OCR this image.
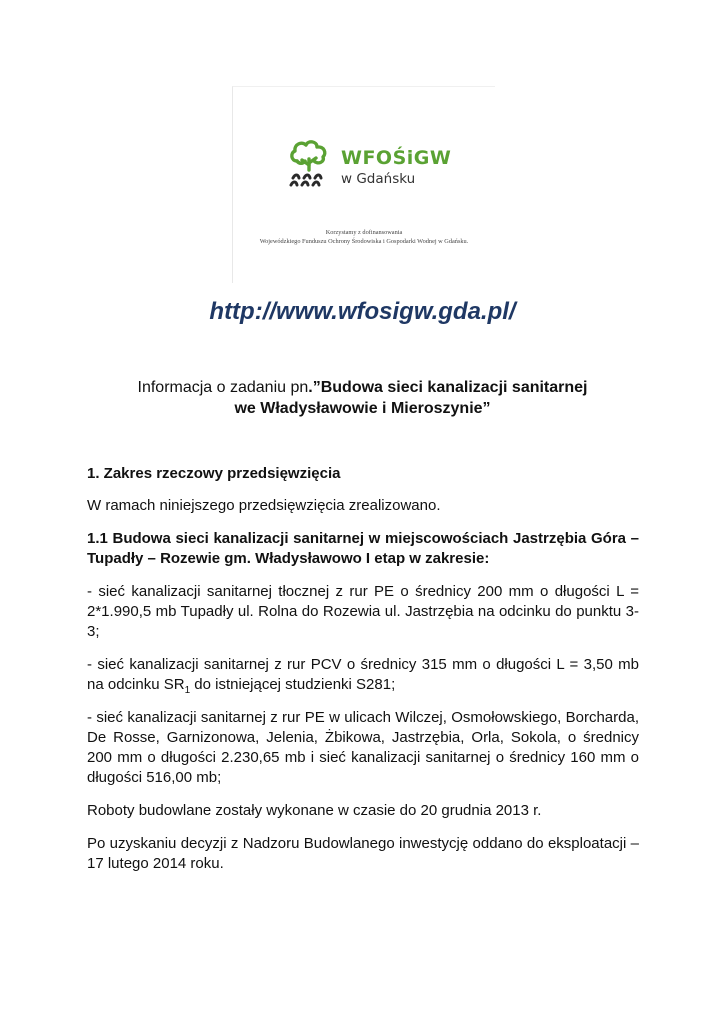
WFOŚiGW
w Gdańsku
Korzystamy z dofinansowania
Wojewódzkiego Funduszu Ochrony Środowiska i Gospodarki Wodnej w Gdańsku.
http://www.wfosigw.gda.pl/
Informacja o zadaniu pn.”Budowa sieci kanalizacji sanitarnej
we Władysławowie i Mieroszynie”

1. Zakres rzeczowy przedsięwzięcia

W ramach niniejszego przedsięwzięcia zrealizowano.

1.1 Budowa sieci kanalizacji sanitarnej w miejscowościach Jastrzębia Góra – Tupadły – Rozewie gm. Władysławowo I etap w zakresie:

- sieć kanalizacji sanitarnej tłocznej z rur PE o średnicy 200 mm o długości L = 2*1.990,5 mb Tupadły ul. Rolna do Rozewia ul. Jastrzębia na odcinku do punktu 3-3;

- sieć kanalizacji sanitarnej z rur PCV o średnicy 315 mm o długości L = 3,50 mb na odcinku $SR_1$ do istniejącej studzienki S281;

- sieć kanalizacji sanitarnej z rur PE w ulicach Wilczej, Osmołowskiego, Borcharda, De Rosse, Garnizonowa, Jelenia, Żbikowa, Jastrzębia, Orla, Sokola, o średnicy 200 mm o długości 2.230,65 mb i sieć kanalizacji sanitarnej o średnicy 160 mm o długości 516,00 mb;

Roboty budowlane zostały wykonane w czasie do 20 grudnia 2013 r.

Po uzyskaniu decyzji z Nadzoru Budowlanego inwestycję oddano do eksploatacji – 17 lutego 2014 roku.
